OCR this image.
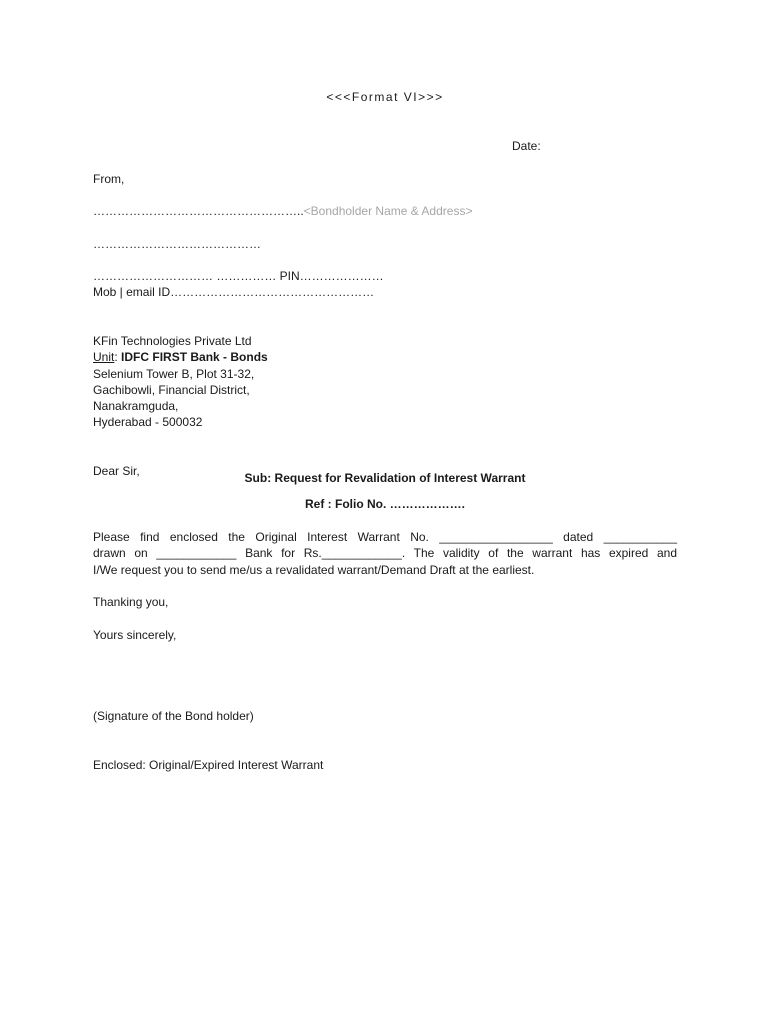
<<<Format VI>>>
Date:
From,
……………………………………………..<Bondholder Name & Address>
……………………………………
………………………… …………… PIN…………………
Mob | email ID……………………………………………
KFin Technologies Private Ltd
Unit: IDFC FIRST Bank - Bonds
Selenium Tower B, Plot 31-32,
Gachibowli, Financial District,
Nanakramguda,
Hyderabad - 500032
Dear Sir,	Sub: Request for Revalidation of Interest Warrant
Ref : Folio No. ……………….
Please find enclosed the Original Interest Warrant No. _________________ dated ___________
drawn on ____________ Bank for Rs.____________. The validity of the warrant has expired and
I/We request you to send me/us a revalidated warrant/Demand Draft at the earliest.
Thanking you,
Yours sincerely,
(Signature of the Bond holder)
Enclosed: Original/Expired Interest Warrant
